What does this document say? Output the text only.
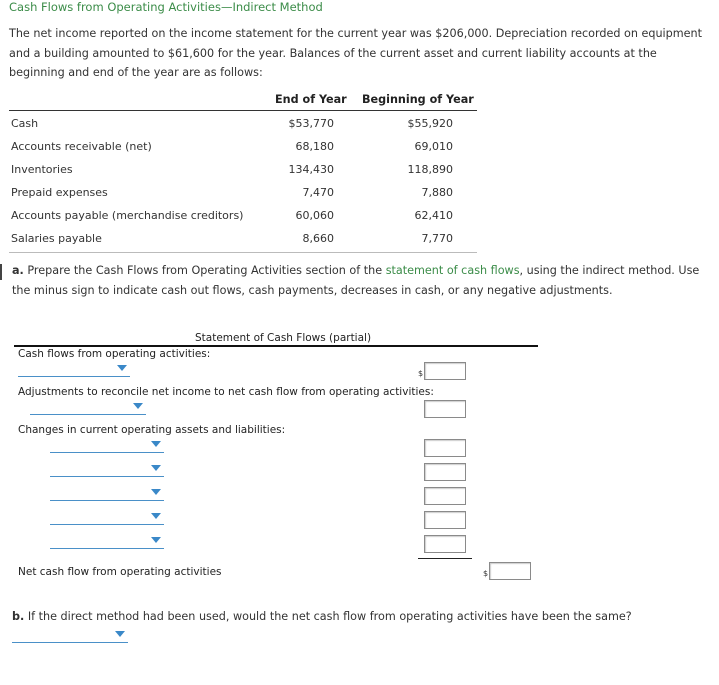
Cash Flows from Operating Activities—Indirect Method
The net income reported on the income statement for the current year was $206,000. Depreciation recorded on equipment
and a building amounted to $61,600 for the year. Balances of the current asset and current liability accounts at the
beginning and end of the year are as follows:
End of Year Beginning of Year
Cash	$53,770	$55,920
Accounts receivable (net)	68,180	69,010
Inventories	134,430	118,890
Prepaid expenses	7,470	7,880
Accounts payable (merchandise creditors)	60,060	62,410
Salaries payable	8,660	7,770
a. Prepare the Cash Flows from Operating Activities section of the statement of cash flows, using the indirect method. Use
the minus sign to indicate cash out flows, cash payments, decreases in cash, or any negative adjustments.
Statement of Cash Flows (partial)
Cash flows from operating activities:
$
Adjustments to reconcile net income to net cash flow from operating activities:
Changes in current operating assets and liabilities:
Net cash flow from operating activities	$
b. If the direct method had been used, would the net cash flow from operating activities have been the same?
